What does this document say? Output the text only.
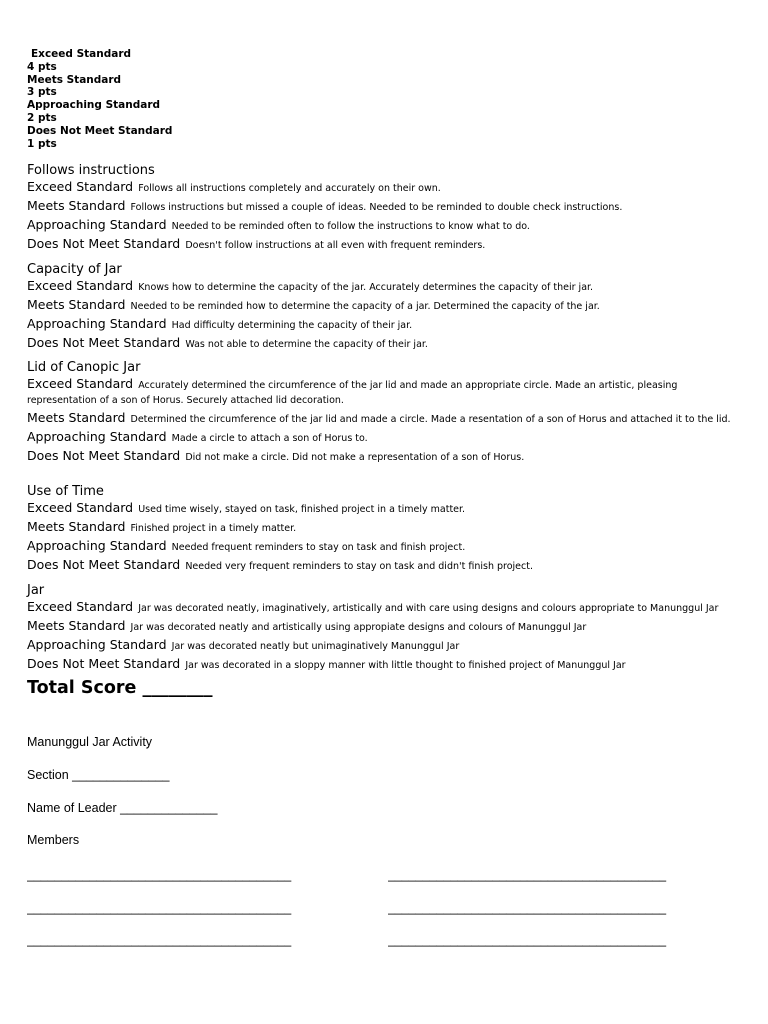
Exceed Standard
4 pts
Meets Standard
3 pts
Approaching Standard
2 pts
Does Not Meet Standard
1 pts
Follows instructions
Exceed Standard Follows all instructions completely and accurately on their own.
Meets Standard Follows instructions but missed a couple of ideas. Needed to be reminded to double check instructions.
Approaching Standard Needed to be reminded often to follow the instructions to know what to do.
Does Not Meet Standard Doesn't follow instructions at all even with frequent reminders.
Capacity of Jar
Exceed Standard Knows how to determine the capacity of the jar. Accurately determines the capacity of their jar.
Meets Standard Needed to be reminded how to determine the capacity of a jar. Determined the capacity of the jar.
Approaching Standard Had difficulty determining the capacity of their jar.
Does Not Meet Standard Was not able to determine the capacity of their jar.
Lid of Canopic Jar
Exceed Standard Accurately determined the circumference of the jar lid and made an appropriate circle. Made an artistic, pleasing representation of a son of Horus. Securely attached lid decoration.
Meets Standard Determined the circumference of the jar lid and made a circle. Made a resentation of a son of Horus and attached it to the lid.
Approaching Standard Made a circle to attach a son of Horus to.
Does Not Meet Standard Did not make a circle. Did not make a representation of a son of Horus.
Use of Time
Exceed Standard Used time wisely, stayed on task, finished project in a timely matter.
Meets Standard Finished project in a timely matter.
Approaching Standard Needed frequent reminders to stay on task and finish project.
Does Not Meet Standard Needed very frequent reminders to stay on task and didn't finish project.
Jar
Exceed Standard Jar was decorated neatly, imaginatively, artistically and with care using designs and colours appropriate to Manunggul Jar
Meets Standard Jar was decorated neatly and artistically using appropiate designs and colours of Manunggul Jar
Approaching Standard Jar was decorated neatly but unimaginatively Manunggul Jar
Does Not Meet Standard Jar was decorated in a sloppy manner with little thought to finished project of Manunggul Jar
Total Score ________
Manunggul Jar Activity
Section ______________
Name of Leader ______________
Members
______________________________________	________________________________________
______________________________________	________________________________________
______________________________________	________________________________________
